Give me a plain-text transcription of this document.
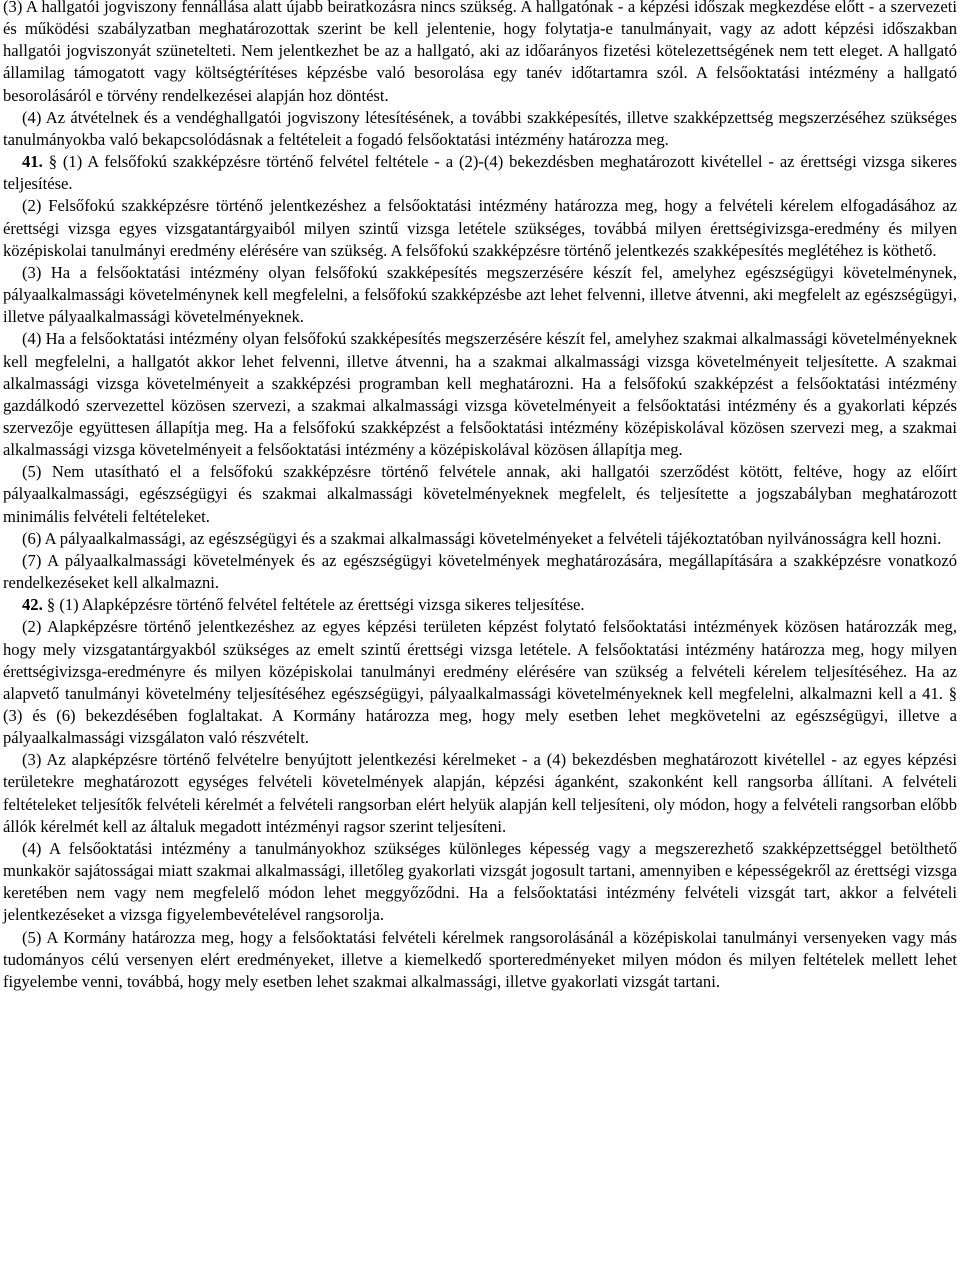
(3) A hallgatói jogviszony fennállása alatt újabb beiratkozásra nincs szükség. A hallgatónak - a képzési időszak megkezdése előtt - a szervezeti és működési szabályzatban meghatározottak szerint be kell jelentenie, hogy folytatja-e tanulmányait, vagy az adott képzési időszakban hallgatói jogviszonyát szünetelteti. Nem jelentkezhet be az a hallgató, aki az időarányos fizetési kötelezettségének nem tett eleget. A hallgató államilag támogatott vagy költségtérítéses képzésbe való besorolása egy tanév időtartamra szól. A felsőoktatási intézmény a hallgató besorolásáról e törvény rendelkezései alapján hoz döntést.

(4) Az átvételnek és a vendéghallgatói jogviszony létesítésének, a további szakképesítés, illetve szakképzettség megszerzéséhez szükséges tanulmányokba való bekapcsolódásnak a feltételeit a fogadó felsőoktatási intézmény határozza meg.

41. § (1) A felsőfokú szakképzésre történő felvétel feltétele - a (2)-(4) bekezdésben meghatározott kivétellel - az érettségi vizsga sikeres teljesítése.

(2) Felsőfokú szakképzésre történő jelentkezéshez a felsőoktatási intézmény határozza meg, hogy a felvételi kérelem elfogadásához az érettségi vizsga egyes vizsgatantárgyaiból milyen szintű vizsga letétele szükséges, továbbá milyen érettségivizsga-eredmény és milyen középiskolai tanulmányi eredmény elérésére van szükség. A felsőfokú szakképzésre történő jelentkezés szakképesítés meglétéhez is köthető.

(3) Ha a felsőoktatási intézmény olyan felsőfokú szakképesítés megszerzésére készít fel, amelyhez egészségügyi követelménynek, pályaalkalmassági követelménynek kell megfelelni, a felsőfokú szakképzésbe azt lehet felvenni, illetve átvenni, aki megfelelt az egészségügyi, illetve pályaalkalmassági követelményeknek.

(4) Ha a felsőoktatási intézmény olyan felsőfokú szakképesítés megszerzésére készít fel, amelyhez szakmai alkalmassági követelményeknek kell megfelelni, a hallgatót akkor lehet felvenni, illetve átvenni, ha a szakmai alkalmassági vizsga követelményeit teljesítette. A szakmai alkalmassági vizsga követelményeit a szakképzési programban kell meghatározni. Ha a felsőfokú szakképzést a felsőoktatási intézmény gazdálkodó szervezettel közösen szervezi, a szakmai alkalmassági vizsga követelményeit a felsőoktatási intézmény és a gyakorlati képzés szervezője együttesen állapítja meg. Ha a felsőfokú szakképzést a felsőoktatási intézmény középiskolával közösen szervezi meg, a szakmai alkalmassági vizsga követelményeit a felsőoktatási intézmény a középiskolával közösen állapítja meg.

(5) Nem utasítható el a felsőfokú szakképzésre történő felvétele annak, aki hallgatói szerződést kötött, feltéve, hogy az előírt pályaalkalmassági, egészségügyi és szakmai alkalmassági követelményeknek megfelelt, és teljesítette a jogszabályban meghatározott minimális felvételi feltételeket.

(6) A pályaalkalmassági, az egészségügyi és a szakmai alkalmassági követelményeket a felvételi tájékoztatóban nyilvánosságra kell hozni.

(7) A pályaalkalmassági követelmények és az egészségügyi követelmények meghatározására, megállapítására a szakképzésre vonatkozó rendelkezéseket kell alkalmazni.

42. § (1) Alapképzésre történő felvétel feltétele az érettségi vizsga sikeres teljesítése.

(2) Alapképzésre történő jelentkezéshez az egyes képzési területen képzést folytató felsőoktatási intézmények közösen határozzák meg, hogy mely vizsgatantárgyakból szükséges az emelt szintű érettségi vizsga letétele. A felsőoktatási intézmény határozza meg, hogy milyen érettségivizsga-eredményre és milyen középiskolai tanulmányi eredmény elérésére van szükség a felvételi kérelem teljesítéséhez. Ha az alapvető tanulmányi követelmény teljesítéséhez egészségügyi, pályaalkalmassági követelményeknek kell megfelelni, alkalmazni kell a 41. § (3) és (6) bekezdésében foglaltakat. A Kormány határozza meg, hogy mely esetben lehet megkövetelni az egészségügyi, illetve a pályaalkalmassági vizsgálaton való részvételt.

(3) Az alapképzésre történő felvételre benyújtott jelentkezési kérelmeket - a (4) bekezdésben meghatározott kivétellel - az egyes képzési területekre meghatározott egységes felvételi követelmények alapján, képzési áganként, szakonként kell rangsorba állítani. A felvételi feltételeket teljesítők felvételi kérelmét a felvételi rangsorban elért helyük alapján kell teljesíteni, oly módon, hogy a felvételi rangsorban előbb állók kérelmét kell az általuk megadott intézményi ragsor szerint teljesíteni.

(4) A felsőoktatási intézmény a tanulmányokhoz szükséges különleges képesség vagy a megszerezhető szakképzettséggel betölthető munkakör sajátosságai miatt szakmai alkalmassági, illetőleg gyakorlati vizsgát jogosult tartani, amennyiben e képességekről az érettségi vizsga keretében nem vagy nem megfelelő módon lehet meggyőződni. Ha a felsőoktatási intézmény felvételi vizsgát tart, akkor a felvételi jelentkezéseket a vizsga figyelembevételével rangsorolja.

(5) A Kormány határozza meg, hogy a felsőoktatási felvételi kérelmek rangsorolásánál a középiskolai tanulmányi versenyeken vagy más tudományos célú versenyen elért eredményeket, illetve a kiemelkedő sporteredményeket milyen módon és milyen feltételek mellett lehet figyelembe venni, továbbá, hogy mely esetben lehet szakmai alkalmassági, illetve gyakorlati vizsgát tartani.
